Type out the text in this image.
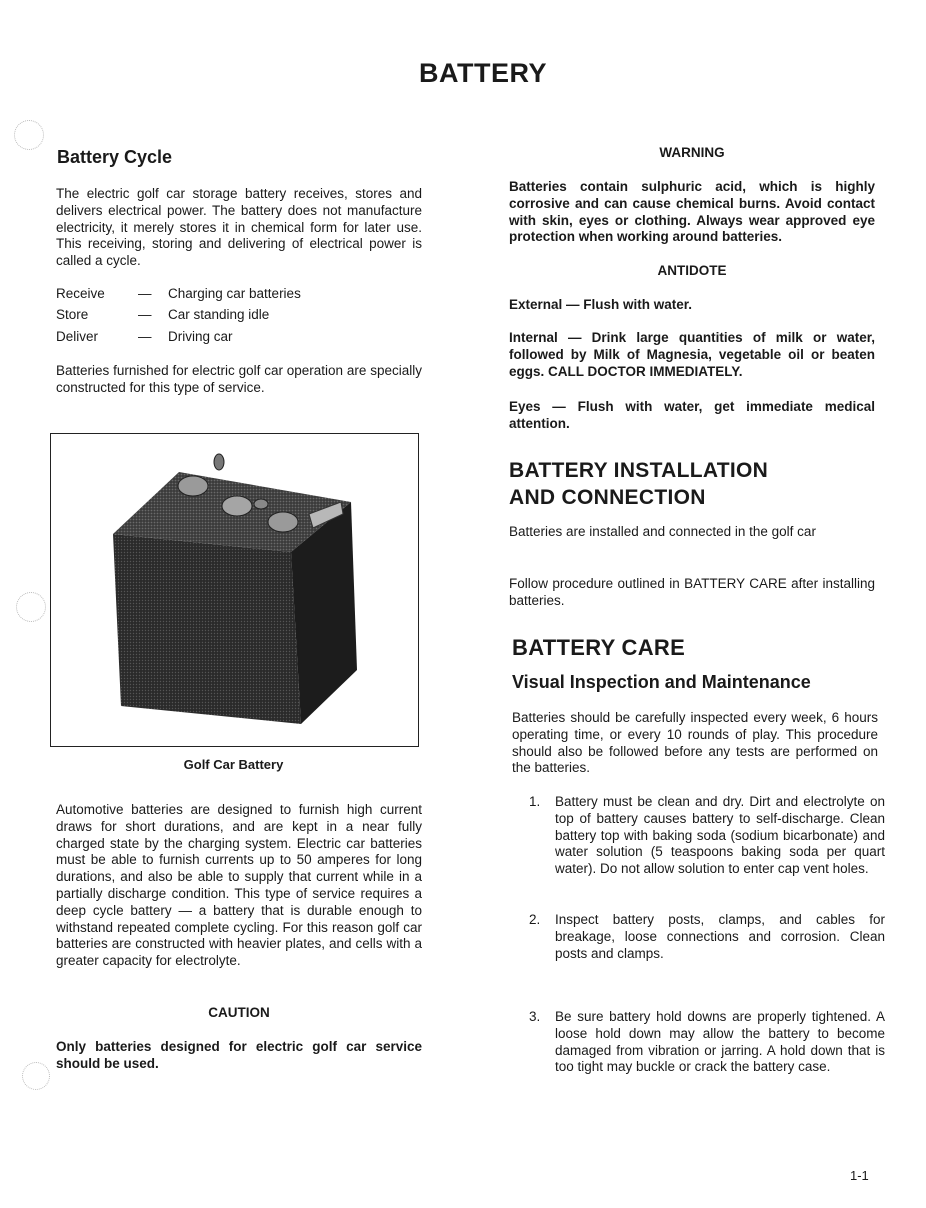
BATTERY
Battery Cycle
The electric golf car storage battery receives, stores and delivers electrical power. The battery does not manufacture electricity, it merely stores it in chemical form for later use. This receiving, storing and delivering of electrical power is called a cycle.
Receive — Charging car batteries
Store	— Car standing idle
Deliver	— Driving car
Batteries furnished for electric golf car operation are specially constructed for this type of service.
Golf Car Battery
Automotive batteries are designed to furnish high current draws for short durations, and are kept in a near fully charged state by the charging system. Electric car batteries must be able to furnish currents up to 50 amperes for long durations, and also be able to supply that current while in a partially discharge condition. This type of service requires a deep cycle battery — a battery that is durable enough to withstand repeated complete cycling. For this reason golf car batteries are constructed with heavier plates, and cells with a greater capacity for electrolyte.
CAUTION
Only batteries designed for electric golf car service should be used.
WARNING
Batteries contain sulphuric acid, which is highly corrosive and can cause chemical burns. Avoid contact with skin, eyes or clothing. Always wear approved eye protection when working around batteries.
ANTIDOTE
External — Flush with water.
Internal — Drink large quantities of milk or water, followed by Milk of Magnesia, vegetable oil or beaten eggs. CALL DOCTOR IMMEDIATELY.
Eyes — Flush with water, get immediate medical attention.
BATTERY INSTALLATION
AND CONNECTION
Batteries are installed and connected in the golf car
Follow procedure outlined in BATTERY CARE after installing batteries.
BATTERY CARE
Visual Inspection and Maintenance
Batteries should be carefully inspected every week, 6 hours operating time, or every 10 rounds of play. This procedure should also be followed before any tests are performed on the batteries.
1. Battery must be clean and dry. Dirt and electrolyte on top of battery causes battery to self-discharge. Clean battery top with baking soda (sodium bicarbonate) and water solution (5 teaspoons baking soda per quart water). Do not allow solution to enter cap vent holes.
2. Inspect battery posts, clamps, and cables for breakage, loose connections and corrosion. Clean posts and clamps.
3. Be sure battery hold downs are properly tightened. A loose hold down may allow the battery to become damaged from vibration or jarring. A hold down that is too tight may buckle or crack the battery case.
1-1
